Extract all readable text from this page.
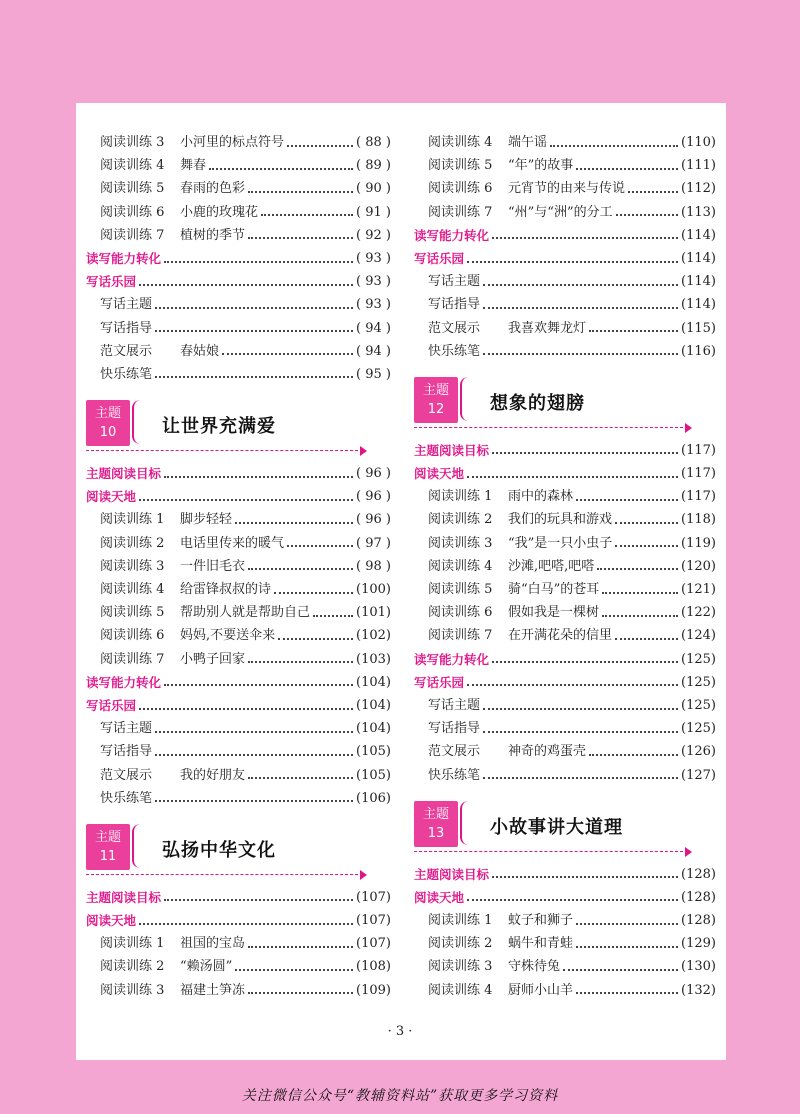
阅读训练 3 小河里的标点符号	( 88 )
阅读训练 4 舞春	( 89 )
阅读训练 5 春雨的色彩	( 90 )
阅读训练 6 小鹿的玫瑰花	( 91 )
阅读训练 7 植树的季节	( 92 )
读写能力转化	( 93 )
写话乐园	( 93 )
写话主题	( 93 )
写话指导	( 94 )
范文展示 春姑娘	( 94 )
快乐练笔	( 95 )
主题
10	让世界充满爱
主题阅读目标	( 96 )
阅读天地	( 96 )
阅读训练 1 脚步轻轻	( 96 )
阅读训练 2 电话里传来的暖气	( 97 )
阅读训练 3 一件旧毛衣	( 98 )
阅读训练 4 给雷锋叔叔的诗	(100)
阅读训练 5 帮助别人就是帮助自己	(101)
阅读训练 6 妈妈,不要送伞来	(102)
阅读训练 7 小鸭子回家	(103)
读写能力转化	(104)
写话乐园	(104)
写话主题	(104)
写话指导	(105)
范文展示 我的好朋友	(105)
快乐练笔	(106)
主题
11	弘扬中华文化
主题阅读目标	(107)
阅读天地	(107)
阅读训练 1 祖国的宝岛	(107)
阅读训练 2 “赖汤圆”	(108)
阅读训练 3 福建土笋冻	(109)
阅读训练 4 端午谣	(110)
阅读训练 5 “年”的故事	(111)
阅读训练 6 元宵节的由来与传说	(112)
阅读训练 7 “州”与“洲”的分工	(113)
读写能力转化	(114)
写话乐园	(114)
写话主题	(114)
写话指导	(114)
范文展示 我喜欢舞龙灯	(115)
快乐练笔	(116)
主题
12	想象的翅膀
主题阅读目标	(117)
阅读天地	(117)
阅读训练 1 雨中的森林	(117)
阅读训练 2 我们的玩具和游戏	(118)
阅读训练 3 “我”是一只小虫子	(119)
阅读训练 4 沙滩,吧嗒,吧嗒	(120)
阅读训练 5 骑“白马”的苍耳	(121)
阅读训练 6 假如我是一棵树	(122)
阅读训练 7 在开满花朵的信里	(124)
读写能力转化	(125)
写话乐园	(125)
写话主题	(125)
写话指导	(125)
范文展示 神奇的鸡蛋壳	(126)
快乐练笔	(127)
主题
13	小故事讲大道理
主题阅读目标	(128)
阅读天地	(128)
阅读训练 1 蚊子和狮子	(128)
阅读训练 2 蜗牛和青蛙	(129)
阅读训练 3 守株待兔	(130)
阅读训练 4 厨师小山羊	(132)
· 3 ·
关注微信公众号“教辅资料站”获取更多学习资料
